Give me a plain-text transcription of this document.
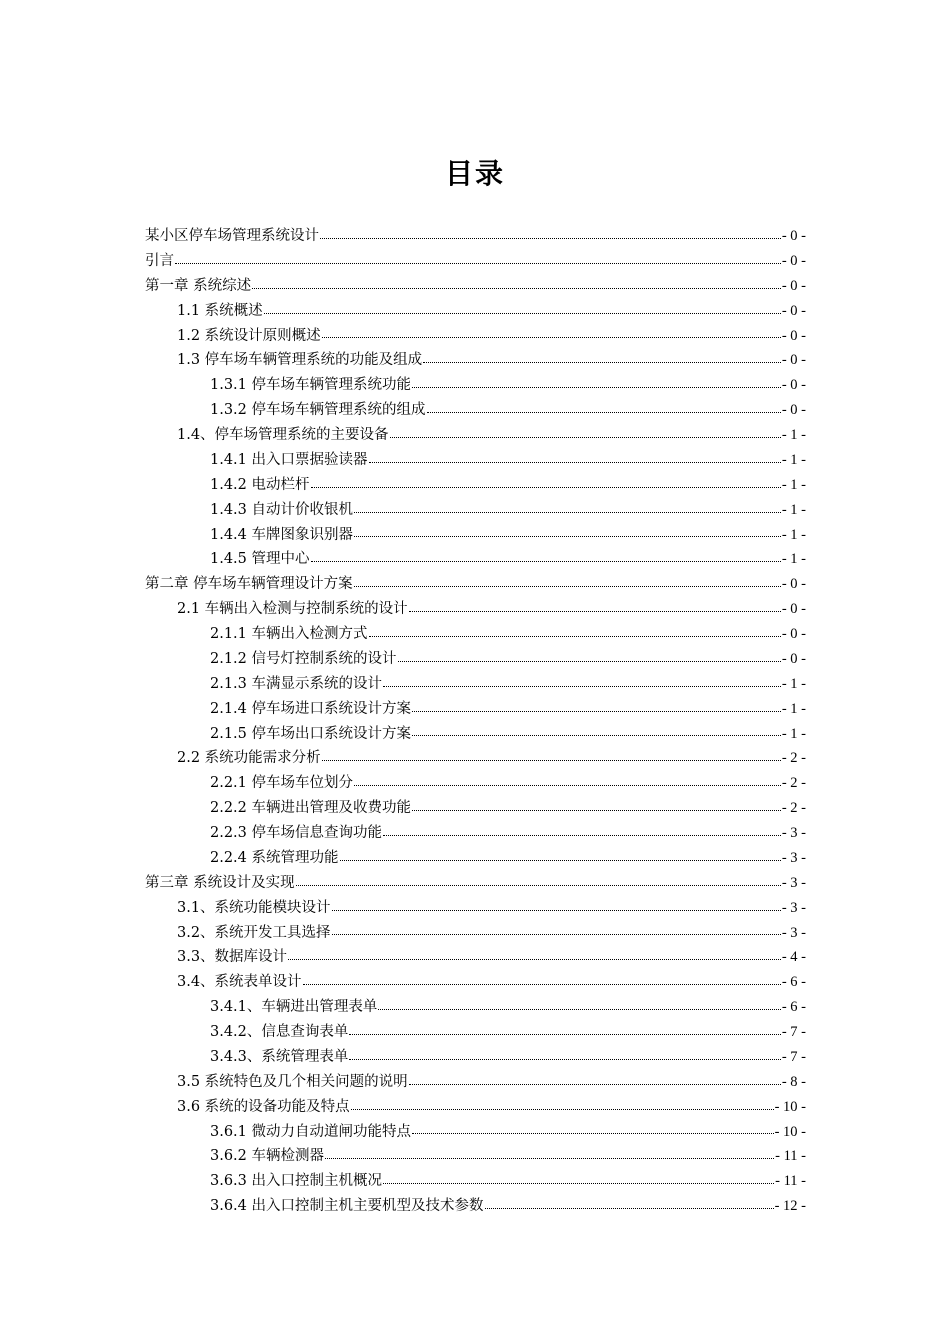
目录
某小区停车场管理系统设计	- 0 -
引言	- 0 -
第一章 系统综述	- 0 -
1.1 系统概述	- 0 -
1.2 系统设计原则概述	- 0 -
1.3 停车场车辆管理系统的功能及组成	- 0 -
1.3.1 停车场车辆管理系统功能	- 0 -
1.3.2 停车场车辆管理系统的组成	- 0 -
1.4、停车场管理系统的主要设备	- 1 -
1.4.1 出入口票据验读器	- 1 -
1.4.2 电动栏杆	- 1 -
1.4.3 自动计价收银机	- 1 -
1.4.4 车牌图象识别器	- 1 -
1.4.5 管理中心	- 1 -
第二章 停车场车辆管理设计方案	- 0 -
2.1 车辆出入检测与控制系统的设计	- 0 -
2.1.1 车辆出入检测方式	- 0 -
2.1.2 信号灯控制系统的设计	- 0 -
2.1.3 车满显示系统的设计	- 1 -
2.1.4 停车场进口系统设计方案	- 1 -
2.1.5 停车场出口系统设计方案	- 1 -
2.2 系统功能需求分析	- 2 -
2.2.1 停车场车位划分	- 2 -
2.2.2 车辆进出管理及收费功能	- 2 -
2.2.3 停车场信息查询功能	- 3 -
2.2.4 系统管理功能	- 3 -
第三章 系统设计及实现	- 3 -
3.1、系统功能模块设计	- 3 -
3.2、系统开发工具选择	- 3 -
3.3、数据库设计	- 4 -
3.4、系统表单设计	- 6 -
3.4.1、车辆进出管理表单	- 6 -
3.4.2、信息查询表单	- 7 -
3.4.3、系统管理表单	- 7 -
3.5 系统特色及几个相关问题的说明	- 8 -
3.6 系统的设备功能及特点	- 10 -
3.6.1 微动力自动道闸功能特点	- 10 -
3.6.2 车辆检测器	- 11 -
3.6.3 出入口控制主机概况	- 11 -
3.6.4 出入口控制主机主要机型及技术参数	- 12 -
